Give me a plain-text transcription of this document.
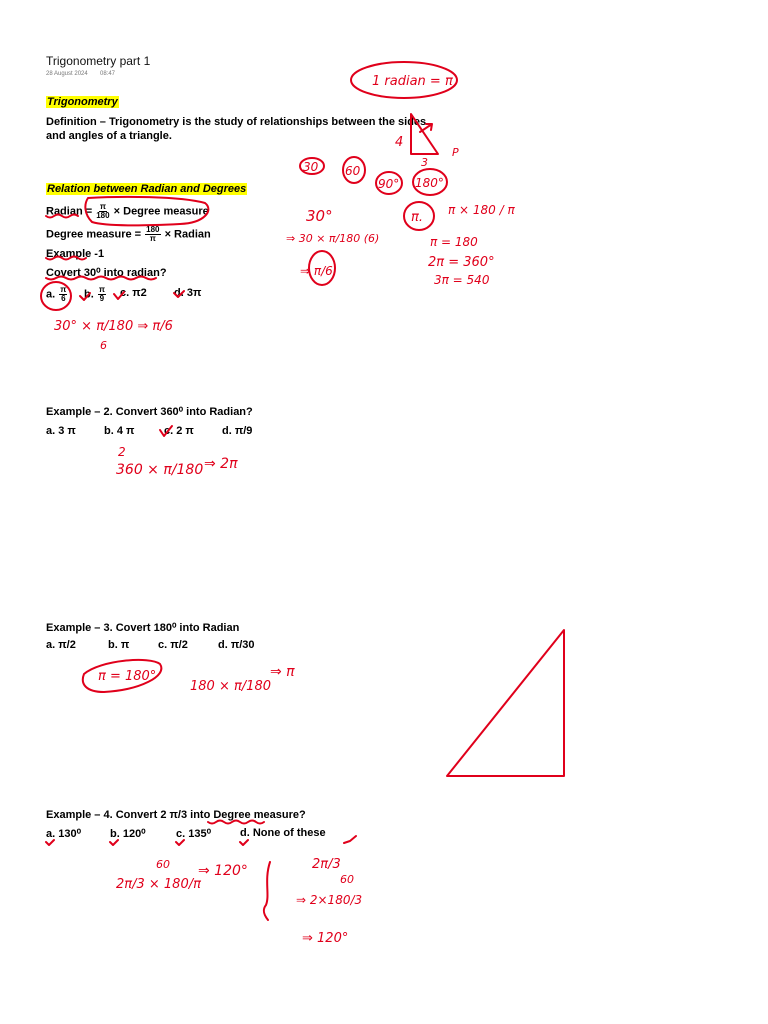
Trigonometry part 1
28 August 2024 08:47
Trigonometry
Definition – Trigonometry is the study of relationships between the sides
and angles of a triangle.
Relation between Radian and Degrees
Radian = $\frac{\pi}{180}$ × Degree measure
Degree measure = $\frac{180}{\pi}$ × Radian
Example -1
Covert 30⁰ into radian?
a. $\frac{\pi}{6} b$. $\frac{\pi}{9} c$. π2 d. 3π
Example – 2. Convert 360⁰ into Radian?
a. 3 π	b. 4 π	c. 2 π	d. π/9
Example – 3. Covert 180⁰ into Radian
a. π/2	b. π	c. π/2	d. π/30
Example – 4. Convert 2 π/3 into Degree measure?
a. 130⁰	b. 120⁰	c. 135⁰	d. None of these
1 radian = π
4
3
P
30 60
90° 180°
π. π × 180 / π
30°
⇒ 30 × π/180 (6)
⇒ π/6
π = 180
2π = 360°
3π = 540
30° × π/180 ⇒ π/6
6
2
360 × π/180 ⇒ 2π
π = 180°
180 × π/180
⇒ π
60
2π/3 × 180/π
⇒ 120°	2π/3
60
⇒ 2×180/3
⇒ 120°
